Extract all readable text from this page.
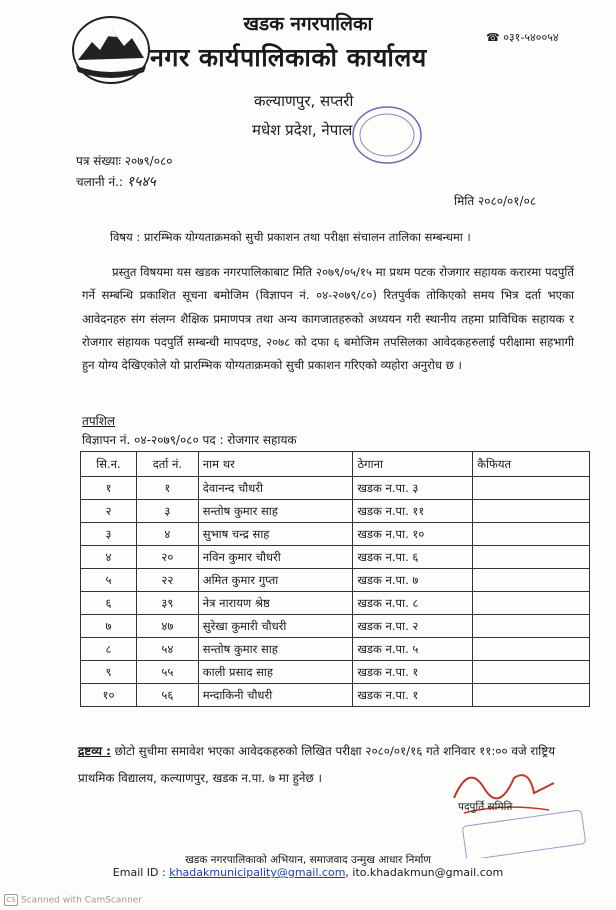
खडक नगरपालिका
नगर कार्यपालिकाको कार्यालय
☎ ०३१-५४००५४
कल्याणपुर, सप्तरी
मधेश प्रदेश, नेपाल
पत्र संख्याः २०७९/०८०
चलानी नं.: १५४५
मिति २०८०/०१/०८
विषय : प्रारम्भिक योग्यताक्रमको सुची प्रकाशन तथा परीक्षा संचालन तालिका सम्बन्धमा ।
प्रस्तुत विषयमा यस खडक नगरपालिकाबाट मिति २०७९/०५/१५ मा प्रथम पटक रोजगार सहायक करारमा पदपुर्ति गर्ने सम्बन्धि प्रकाशित सूचना बमोजिम (विज्ञापन नं. ०४-२०७९/८०) रितपुर्वक तोकिएको समय भित्र दर्ता भएका आवेदनहरु संग संलग्न शैक्षिक प्रमाणपत्र तथा अन्य कागजातहरुको अध्ययन गरी स्थानीय तहमा प्राविधिक सहायक र रोजगार संहायक पदपुर्ति सम्बन्धी मापदण्ड, २०७८ को दफा ६ बमोजिम तपसिलका आवेदकहरुलाई परीक्षामा सहभागी हुन योग्य देखिएकोले यो प्रारम्भिक योग्यताक्रमको सुची प्रकाशन गरिएको व्यहोरा अनुरोध छ ।
तपशिल
विज्ञापन नं. ०४-२०७९/०८० पद : रोजगार सहायक
सि.न.	दर्ता नं.	नाम थर	ठेगाना	कैफियत
१	१	देवानन्द चौधरी	खडक न.पा. ३	
२	३	सन्तोष कुमार साह	खडक न.पा. ११	
३	४	सुभाष चन्द्र साह	खडक न.पा. १०	
४	२०	नविन कुमार चौधरी	खडक न.पा. ६	
५	२२	अमित कुमार गुप्ता	खडक न.पा. ७	
६	३९	नेत्र नारायण श्रेष्ठ	खडक न.पा. ८	
७	४७	सुरेखा कुमारी चौधरी	खडक न.पा. २	
८	५४	सन्तोष कुमार साह	खडक न.पा. ५	
९	५५	काली प्रसाद साह	खडक न.पा. १	
१०	५६	मन्दाकिनी चौधरी	खडक न.पा. १	
द्रष्टव्य : छोटो सुचीमा समावेश भएका आवेदकहरुको लिखित परीक्षा २०८०/०१/१६ गते शनिवार ११:०० वजे राष्ट्रिय प्राथमिक विद्यालय, कल्याणपुर, खडक न.पा. ७ मा हुनेछ ।
पदपुर्ति समिति
खडक नगरपालिकाको अभियान, समाजवाद उन्मुख आधार निर्माण
Email ID : khadakmunicipality@gmail.com, ito.khadakmun@gmail.com
CS Scanned with CamScanner
